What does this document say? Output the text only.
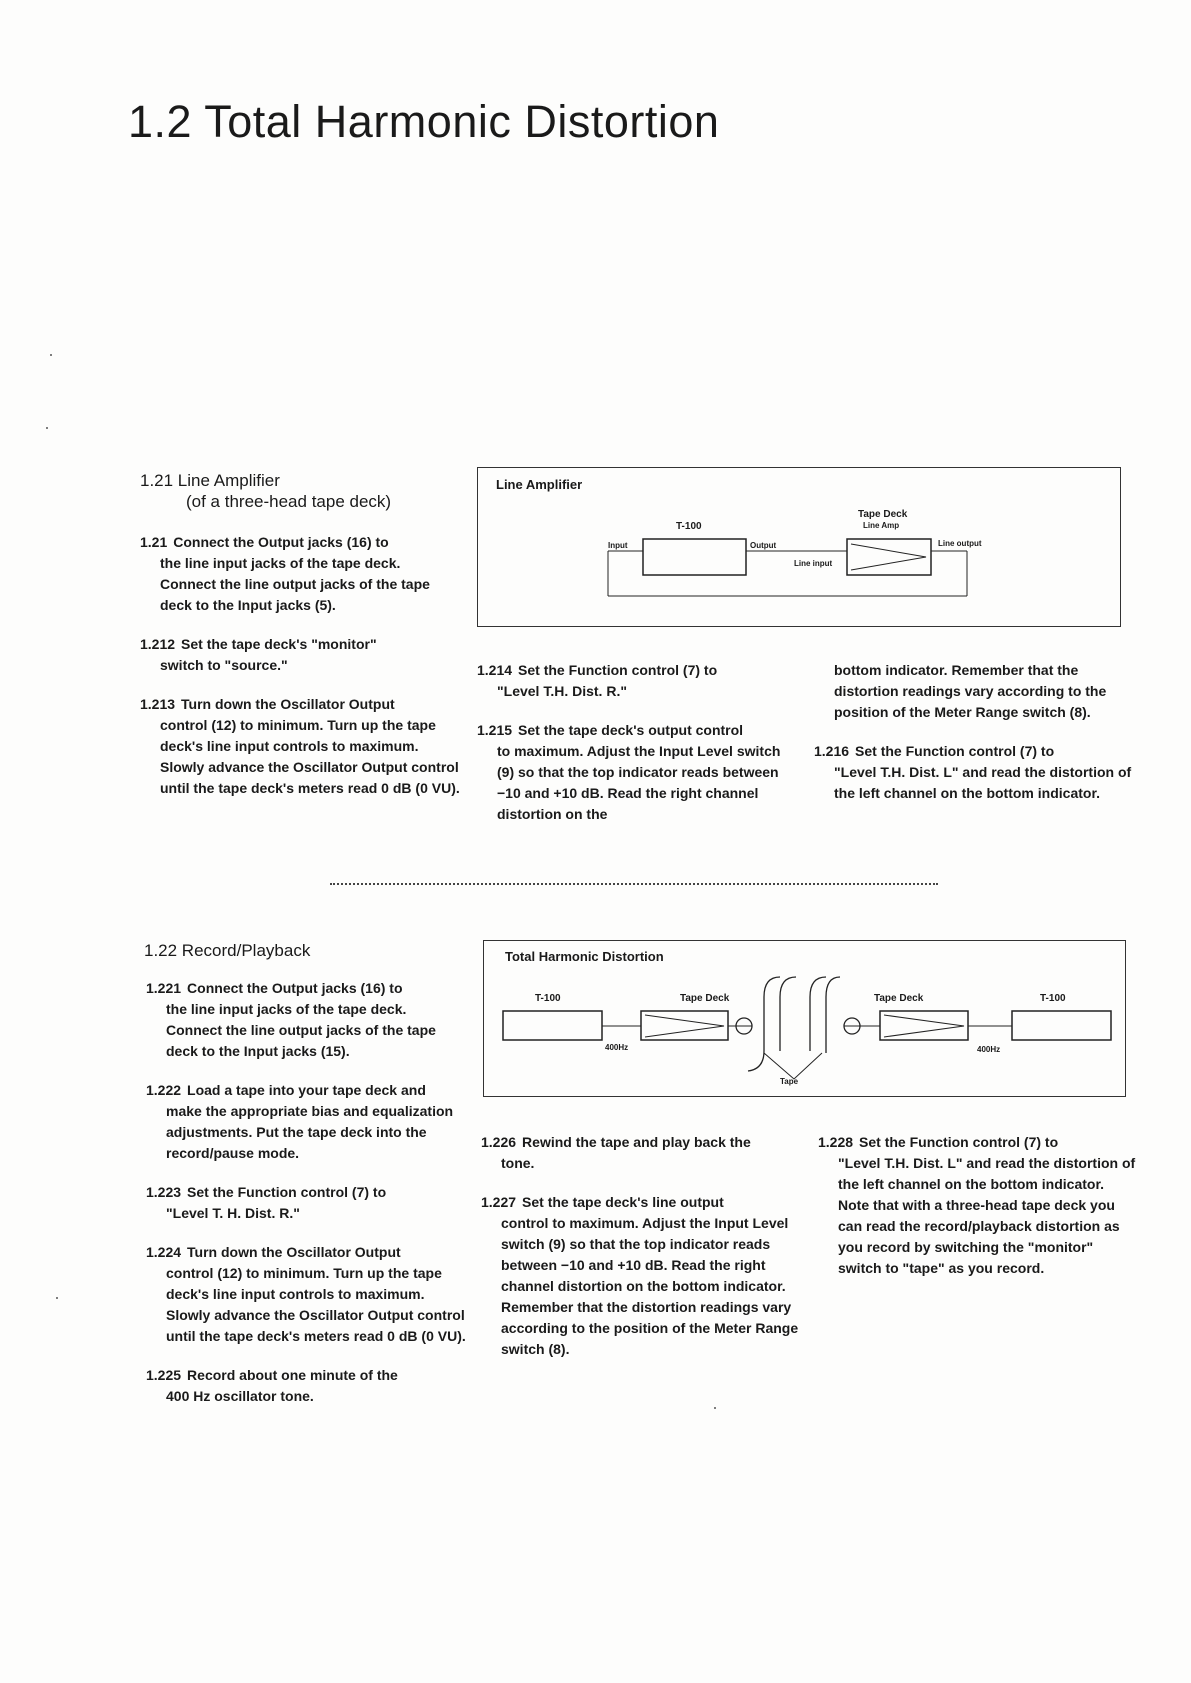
1.2 Total Harmonic Distortion
1.21 Line Amplifier
(of a three-head tape deck)

1.21 Connect the Output jacks (16) to
the line input jacks of the tape deck. Connect the line output jacks of the tape deck to the Input jacks (5).

1.212 Set the tape deck's "monitor"
switch to "source."

1.213 Turn down the Oscillator Output
control (12) to minimum. Turn up the tape deck's line input controls to maximum. Slowly advance the Oscillator Output control until the tape deck's meters read 0 dB (0 VU).

Line Amplifier
T-100
Tape Deck
Line Amp
Input	Output
Line input
Line output

1.214 Set the Function control (7) to
"Level T.H. Dist. R."

1.215 Set the tape deck's output control
to maximum. Adjust the Input Level switch (9) so that the top indicator reads between −10 and +10 dB. Read the right channel distortion on the

bottom indicator. Remember that the distortion readings vary according to the position of the Meter Range switch (8).

1.216 Set the Function control (7) to
"Level T.H. Dist. L" and read the distortion of the left channel on the bottom indicator.

1.22 Record/Playback

1.221 Connect the Output jacks (16) to
the line input jacks of the tape deck. Connect the line output jacks of the tape deck to the Input jacks (15).

1.222 Load a tape into your tape deck and
make the appropriate bias and equalization adjustments. Put the tape deck into the record/pause mode.

1.223 Set the Function control (7) to
"Level T. H. Dist. R."

1.224 Turn down the Oscillator Output
control (12) to minimum. Turn up the tape deck's line input controls to maximum. Slowly advance the Oscillator Output control until the tape deck's meters read 0 dB (0 VU).

1.225 Record about one minute of the
400 Hz oscillator tone.

Total Harmonic Distortion
T-100	Tape Deck	Tape Deck	T-100
400Hz	400Hz
Tape

1.226 Rewind the tape and play back the
tone.

1.227 Set the tape deck's line output
control to maximum. Adjust the Input Level switch (9) so that the top indicator reads between −10 and +10 dB. Read the right channel distortion on the bottom indicator. Remember that the distortion readings vary according to the position of the Meter Range switch (8).

1.228 Set the Function control (7) to
"Level T.H. Dist. L" and read the distortion of the left channel on the bottom indicator. Note that with a three-head tape deck you can read the record/playback distortion as you record by switching the "monitor" switch to "tape" as you record.
